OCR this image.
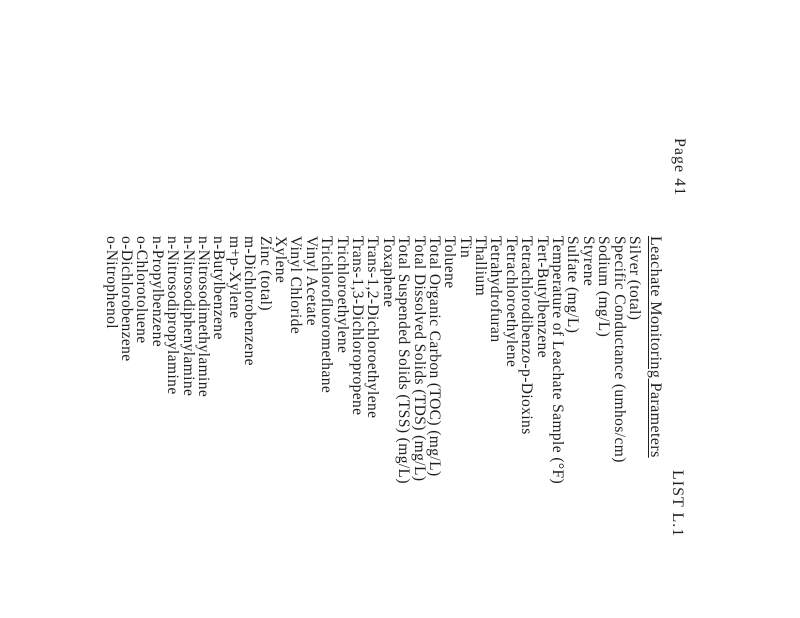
Page 41
LIST L.1
Leachate Monitoring Parameters
Silver (total)
Specific Conductance (umhos/cm)
Sodium (mg/L)
Styrene
Sulfate (mg/L)
Temperature of Leachate Sample (°F)
Tert-Butylbenzene
Tetrachlorodibenzo-p-Dioxins
Tetrachloroethylene
Tetrahydrofuran
Thallium
Tin
Toluene
Total Organic Carbon (TOC) (mg/L)
Total Dissolved Solids (TDS) (mg/L)
Total Suspended Solids (TSS) (mg/L)
Toxaphene
Trans-1,2-Dichloroethylene
Trans-1,3-Dichloropropene
Trichloroethylene
Trichlorofluoromethane
Vinyl Acetate
Vinyl Chloride
Xylene
Zinc (total)
m-Dichlorobenzene
m+p-Xylene
n-Butylbenzene
n-Nitrosodimethylamine
n-Nitrosodiphenylamine
n-Nitrosodipropylamine
n-Propylbenzene
o-Chlorotoluene
o-Dichlorobenzene
o-Nitrophenol
